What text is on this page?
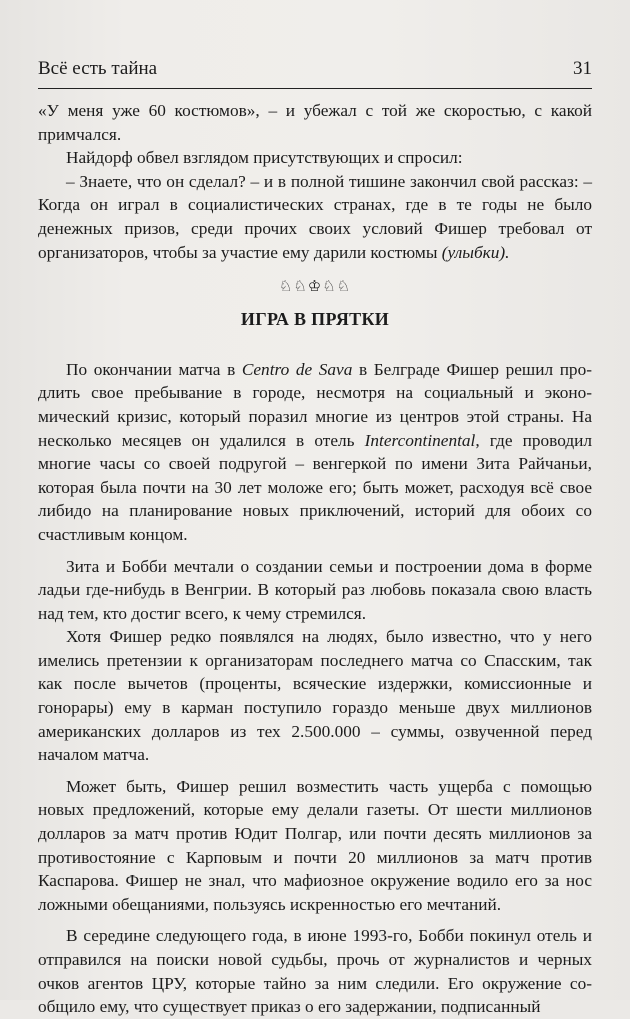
Всё есть тайна	31

«У меня уже 60 костюмов», – и убежал с той же скоростью, с какой примчался.

Найдорф обвел взглядом присутствующих и спросил:

– Знаете, что он сделал? – и в полной тишине закончил свой рассказ: – Когда он играл в социалистических странах, где в те годы не было денежных призов, среди прочих своих условий Фишер требовал от организаторов, чтобы за участие ему дарили костюмы (улыбки).

♘♘♔♘♘
ИГРА В ПРЯТКИ

По окончании матча в Centro de Sava в Белграде Фишер решил продлить свое пребывание в городе, несмотря на социальный и экономический кризис, который поразил многие из центров этой страны. На несколько месяцев он удалился в отель Intercontinental, где проводил многие часы со своей подругой – венгеркой по имени Зита Райчаньи, которая была почти на 30 лет моложе его; быть может, расходуя всё свое либидо на планирование новых приключений, историй для обоих со счастливым концом.

Зита и Бобби мечтали о создании семьи и построении дома в форме ладьи где-нибудь в Венгрии. В который раз любовь показала свою власть над тем, кто достиг всего, к чему стремился.

Хотя Фишер редко появлялся на людях, было известно, что у него имелись претензии к организаторам последнего матча со Спасским, так как после вычетов (проценты, всяческие издержки, комиссионные и гонорары) ему в карман поступило гораздо меньше двух миллионов американских долларов из тех 2.500.000 – суммы, озвученной перед началом матча.

Может быть, Фишер решил возместить часть ущерба с помощью новых предложений, которые ему делали газеты. От шести миллионов долларов за матч против Юдит Полгар, или почти десять миллионов за противостояние с Карповым и почти 20 миллионов за матч против Каспарова. Фишер не знал, что мафиозное окружение водило его за нос ложными обещаниями, пользуясь искренностью его мечтаний.

В середине следующего года, в июне 1993-го, Бобби покинул отель и отправился на поиски новой судьбы, прочь от журналистов и черных очков агентов ЦРУ, которые тайно за ним следили. Его окружение сообщило ему, что существует приказ о его задержании, подписанный
